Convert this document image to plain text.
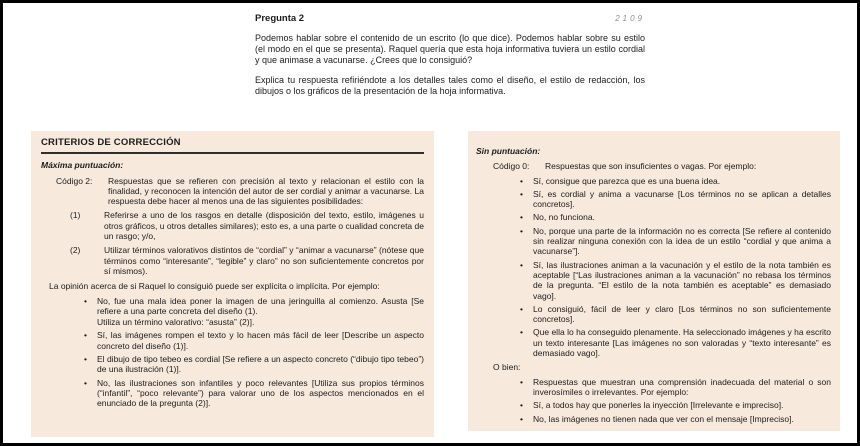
Pregunta 2	2109
Podemos hablar sobre el contenido de un escrito (lo que dice). Podemos hablar sobre su estilo (el modo en el que se presenta). Raquel quería que esta hoja informativa tuviera un estilo cordial y que animase a vacunarse. ¿Crees que lo consiguió?
Explica tu respuesta refiriéndote a los detalles tales como el diseño, el estilo de redacción, los dibujos o los gráficos de la presentación de la hoja informativa.
CRITERIOS DE CORRECCIÓN
Máxima puntuación:
Código 2:	Respuestas que se refieren con precisión al texto y relacionan el estilo con la finalidad, y reconocen la intención del autor de ser cordial y animar a vacunarse. La respuesta debe hacer al menos una de las siguientes posibilidades:
(1)	Referirse a uno de los rasgos en detalle (disposición del texto, estilo, imágenes u otros gráficos, u otros detalles similares); esto es, a una parte o cualidad concreta de un rasgo; y/o,
(2)	Utilizar términos valorativos distintos de “cordial” y “animar a vacunarse” (nótese que términos como “interesante”, “legible” y claro” no son suficientemente concretos por sí mismos).
La opinión acerca de si Raquel lo consiguió puede ser explícita o implícita. Por ejemplo:
•	No, fue una mala idea poner la imagen de una jeringuilla al comienzo. Asusta [Se refiere a una parte concreta del diseño (1).
Utiliza un término valorativo: “asusta” (2)].
•	Sí, las imágenes rompen el texto y lo hacen más fácil de leer [Describe un aspecto concreto del diseño (1)].
•	El dibujo de tipo tebeo es cordial [Se refiere a un aspecto concreto (“dibujo tipo tebeo”) de una ilustración (1)].
•	No, las ilustraciones son infantiles y poco relevantes [Utiliza sus propios términos (“infantil”, “poco relevante”) para valorar uno de los aspectos mencionados en el enunciado de la pregunta (2)].
Sin puntuación:
Código 0:	Respuestas que son insuficientes o vagas. Por ejemplo:
•	Sí, consigue que parezca que es una buena idea.
•	Sí, es cordial y anima a vacunarse [Los términos no se aplican a detalles concretos].
•	No, no funciona.
•	No, porque una parte de la información no es correcta [Se refiere al contenido sin realizar ninguna conexión con la idea de un estilo “cordial y que anima a vacunarse”].
•	Sí, las ilustraciones animan a la vacunación y el estilo de la nota también es aceptable [“Las ilustraciones animan a la vacunación” no rebasa los términos de la pregunta. “El estilo de la nota también es aceptable” es demasiado vago].
•	Lo consiguió, fácil de leer y claro [Los términos no son suficientemente concretos].
•	Que ella lo ha conseguido plenamente. Ha seleccionado imágenes y ha escrito un texto interesante [Las imágenes no son valoradas y “texto interesante” es demasiado vago].
O bien:
•	Respuestas que muestran una comprensión inadecuada del material o son inverosímiles o irrelevantes. Por ejemplo:
•	Sí, a todos hay que ponerles la inyección [Irrelevante e impreciso].
•	No, las imágenes no tienen nada que ver con el mensaje [Impreciso].
